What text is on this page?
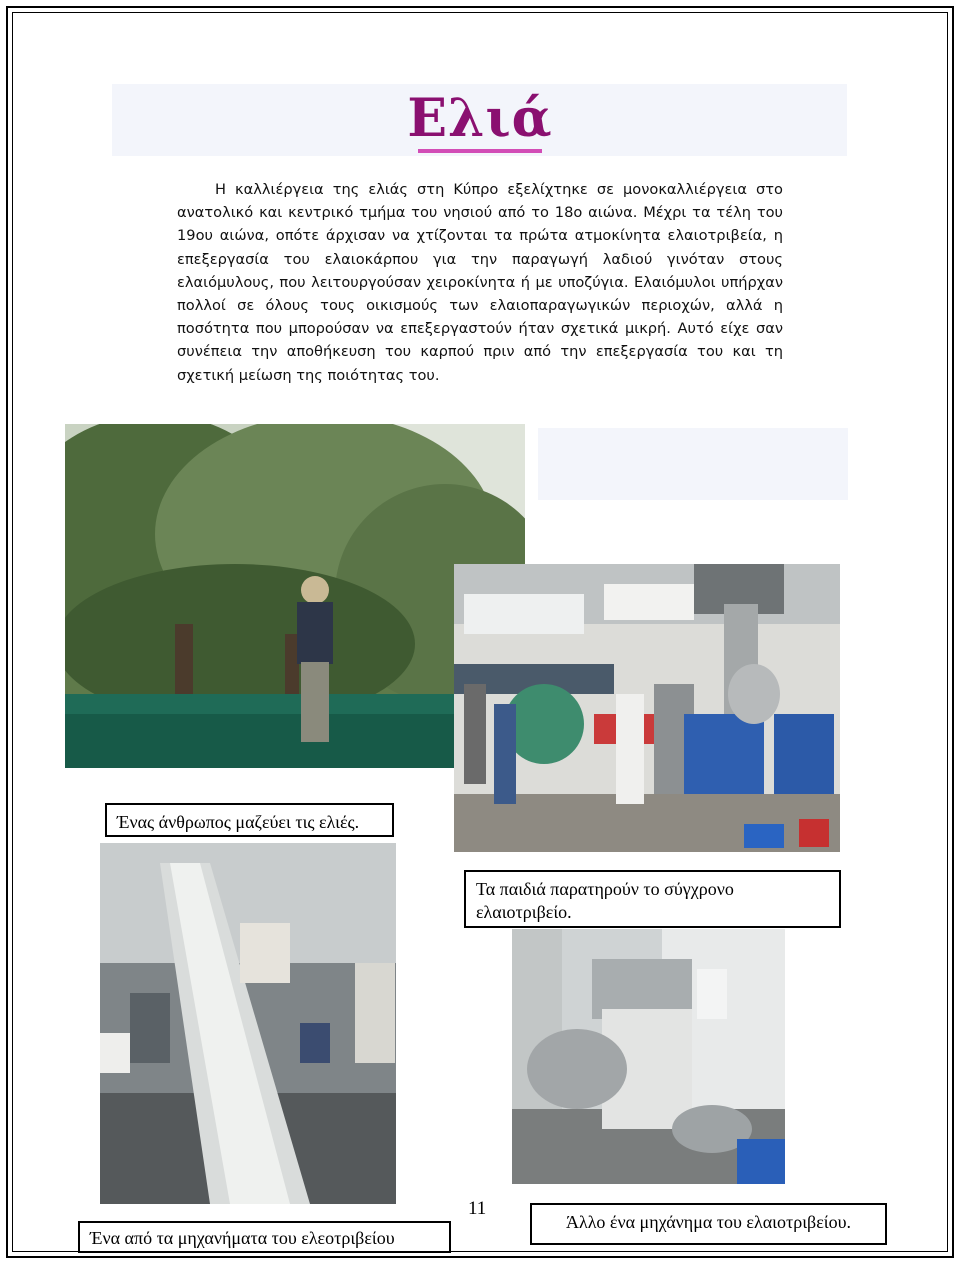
Ελιά

Η καλλιέργεια της ελιάς στη Κύπρο εξελίχτηκε σε μονοκαλλιέργεια στο ανατολικό και κεντρικό τμήμα του νησιού από το 18ο αιώνα. Μέχρι τα τέλη του 19ου αιώνα, οπότε άρχισαν να χτίζονται τα πρώτα ατμοκίνητα ελαιοτριβεία, η επεξεργασία του ελαιοκάρπου για την παραγωγή λαδιού γινόταν στους ελαιόμυλους, που λειτουργούσαν χειροκίνητα ή με υποζύγια. Ελαιόμυλοι υπήρχαν πολλοί σε όλους τους οικισμούς των ελαιοπαραγωγικών περιοχών, αλλά η ποσότητα που μπορούσαν να επεξεργαστούν ήταν σχετικά μικρή. Αυτό είχε σαν συνέπεια την αποθήκευση του καρπού πριν από την επεξεργασία του και τη σχετική μείωση της ποιότητας του.

Ένας άνθρωπος μαζεύει τις ελιές.
Τα παιδιά παρατηρούν το σύγχρονο ελαιοτριβείο.
11
Άλλο ένα μηχάνημα του ελαιοτριβείου.
Ένα από τα μηχανήματα του ελεοτριβείου
